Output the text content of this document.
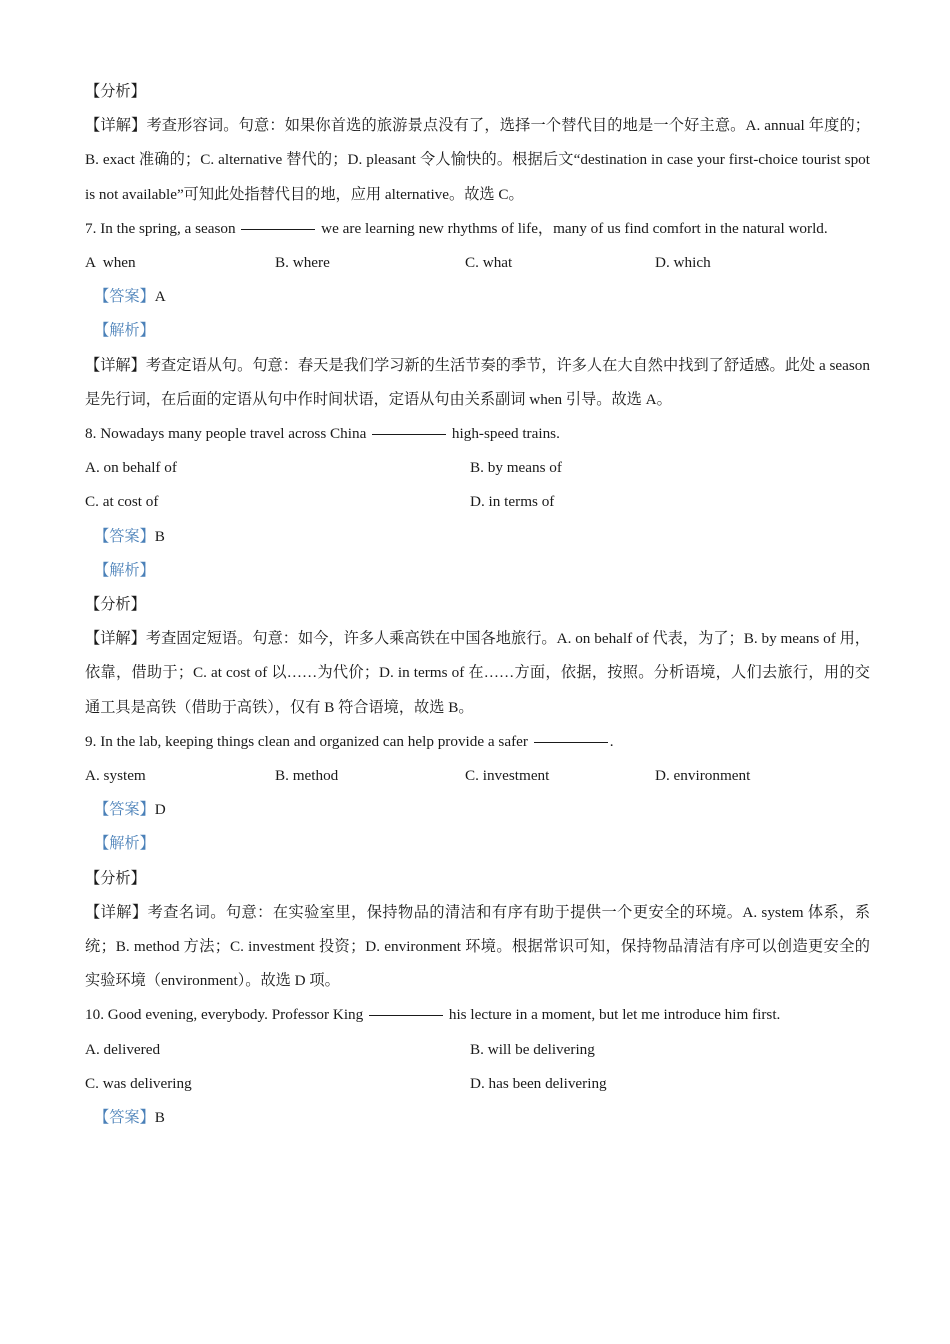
【分析】

【详解】考查形容词。句意：如果你首选的旅游景点没有了，选择一个替代目的地是一个好主意。A. annual 年度的；B. exact 准确的；C. alternative 替代的；D. pleasant 令人愉快的。根据后文“destination in case your first-choice tourist spot is not available”可知此处指替代目的地，应用 alternative。故选 C。

7. In the spring, a season	we are learning new rhythms of life，many of us find comfort in the natural world.

A  when	B. where	C. what	D. which

【答案】A

【解析】

【详解】考查定语从句。句意：春天是我们学习新的生活节奏的季节，许多人在大自然中找到了舒适感。此处 a season 是先行词，在后面的定语从句中作时间状语，定语从句由关系副词 when 引导。故选 A。

8. Nowadays many people travel across China	high-speed trains.

A. on behalf of	B. by means of
C. at cost of	D. in terms of

【答案】B

【解析】

【分析】

【详解】考查固定短语。句意：如今，许多人乘高铁在中国各地旅行。A. on behalf of 代表，为了；B. by means of 用，依靠，借助于；C. at cost of 以……为代价；D. in terms of 在……方面，依据，按照。分析语境，人们去旅行，用的交通工具是高铁（借助于高铁），仅有 B 符合语境，故选 B。

9. In the lab, keeping things clean and organized can help provide a safer	.

A. system	B. method	C. investment	D. environment

【答案】D

【解析】

【分析】

【详解】考查名词。句意：在实验室里，保持物品的清洁和有序有助于提供一个更安全的环境。A. system 体系，系统；B. method 方法；C. investment 投资；D. environment 环境。根据常识可知，保持物品清洁有序可以创造更安全的实验环境（environment）。故选 D 项。

10. Good evening, everybody. Professor King	his lecture in a moment, but let me introduce him first.

A. delivered	B. will be delivering
C. was delivering	D. has been delivering

【答案】B
